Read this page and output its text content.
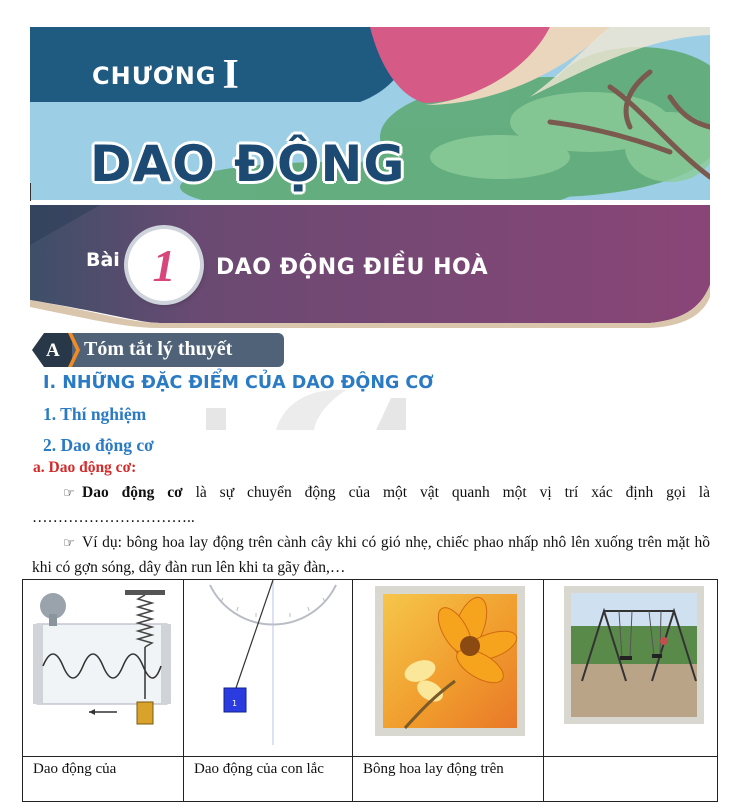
CHƯƠNG I
DAO ĐỘNG
Bài 1 DAO ĐỘNG ĐIỀU HOÀ
A Tóm tắt lý thuyết
I. NHỮNG ĐẶC ĐIỂM CỦA DAO ĐỘNG CƠ
1. Thí nghiệm
2. Dao động cơ
a. Dao động cơ:
☞ Dao động cơ là sự chuyển động của một vật quanh một vị trí xác định gọi là …………………………..
☞ Ví dụ: bông hoa lay động trên cành cây khi có gió nhẹ, chiếc phao nhấp nhô lên xuống trên mặt hồ khi có gợn sóng, dây đàn run lên khi ta gãy đàn,…

1

Dao động của	Dao động của con lắc	Bông hoa lay động trên	
